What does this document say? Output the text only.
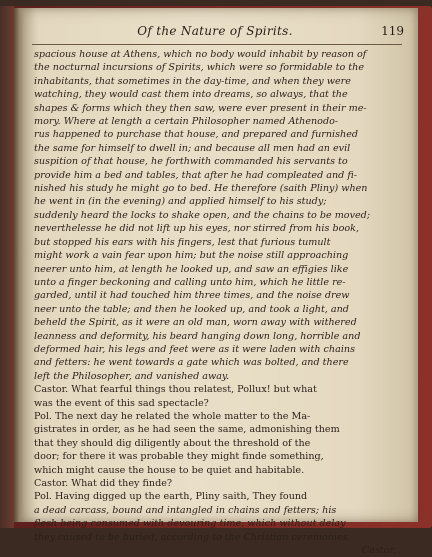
Of the Nature of Spirits.	119
spacious house at Athens, which no body would inhabit by reason of
the nocturnal incursions of Spirits, which were so formidable to the
inhabitants, that sometimes in the day-time, and when they were
watching, they would cast them into dreams, so always, that the
shapes & forms which they then saw, were ever present in their me-
mory. Where at length a certain Philosopher named Athenodo-
rus happened to purchase that house, and prepared and furnished
the same for himself to dwell in; and because all men had an evil
suspition of that house, he forthwith commanded his servants to
provide him a bed and tables, that after he had compleated and fi-
nished his study he might go to bed. He therefore (saith Pliny) when
he went in (in the evening) and applied himself to his study;
suddenly heard the locks to shake open, and the chains to be moved;
neverthelesse he did not lift up his eyes, nor stirred from his book,
but stopped his ears with his fingers, lest that furious tumult
might work a vain fear upon him; but the noise still approaching
neerer unto him, at length he looked up, and saw an effigies like
unto a finger beckoning and calling unto him, which he little re-
garded, until it had touched him three times, and the noise drew
neer unto the table; and then he looked up, and took a light, and
beheld the Spirit, as it were an old man, worn away with withered
leanness and deformity, his beard hanging down long, horrible and
deformed hair, his legs and feet were as it were laden with chains
and fetters: he went towards a gate which was bolted, and there
left the Philosopher, and vanished away.
Castor. What fearful things thou relatest, Pollux! but what
was the event of this sad spectacle?
Pol. The next day he related the whole matter to the Ma-
gistrates in order, as he had seen the same, admonishing them
that they should dig diligently about the threshold of the
door; for there it was probable they might finde something,
which might cause the house to be quiet and habitable.
Castor. What did they finde?
Pol. Having digged up the earth, Pliny saith, They found
a dead carcass, bound and intangled in chains and fetters; his
flesh being consumed with devouring time, which without delay
they caused to be buried, according to the Christian ceremonies.
Castor.
